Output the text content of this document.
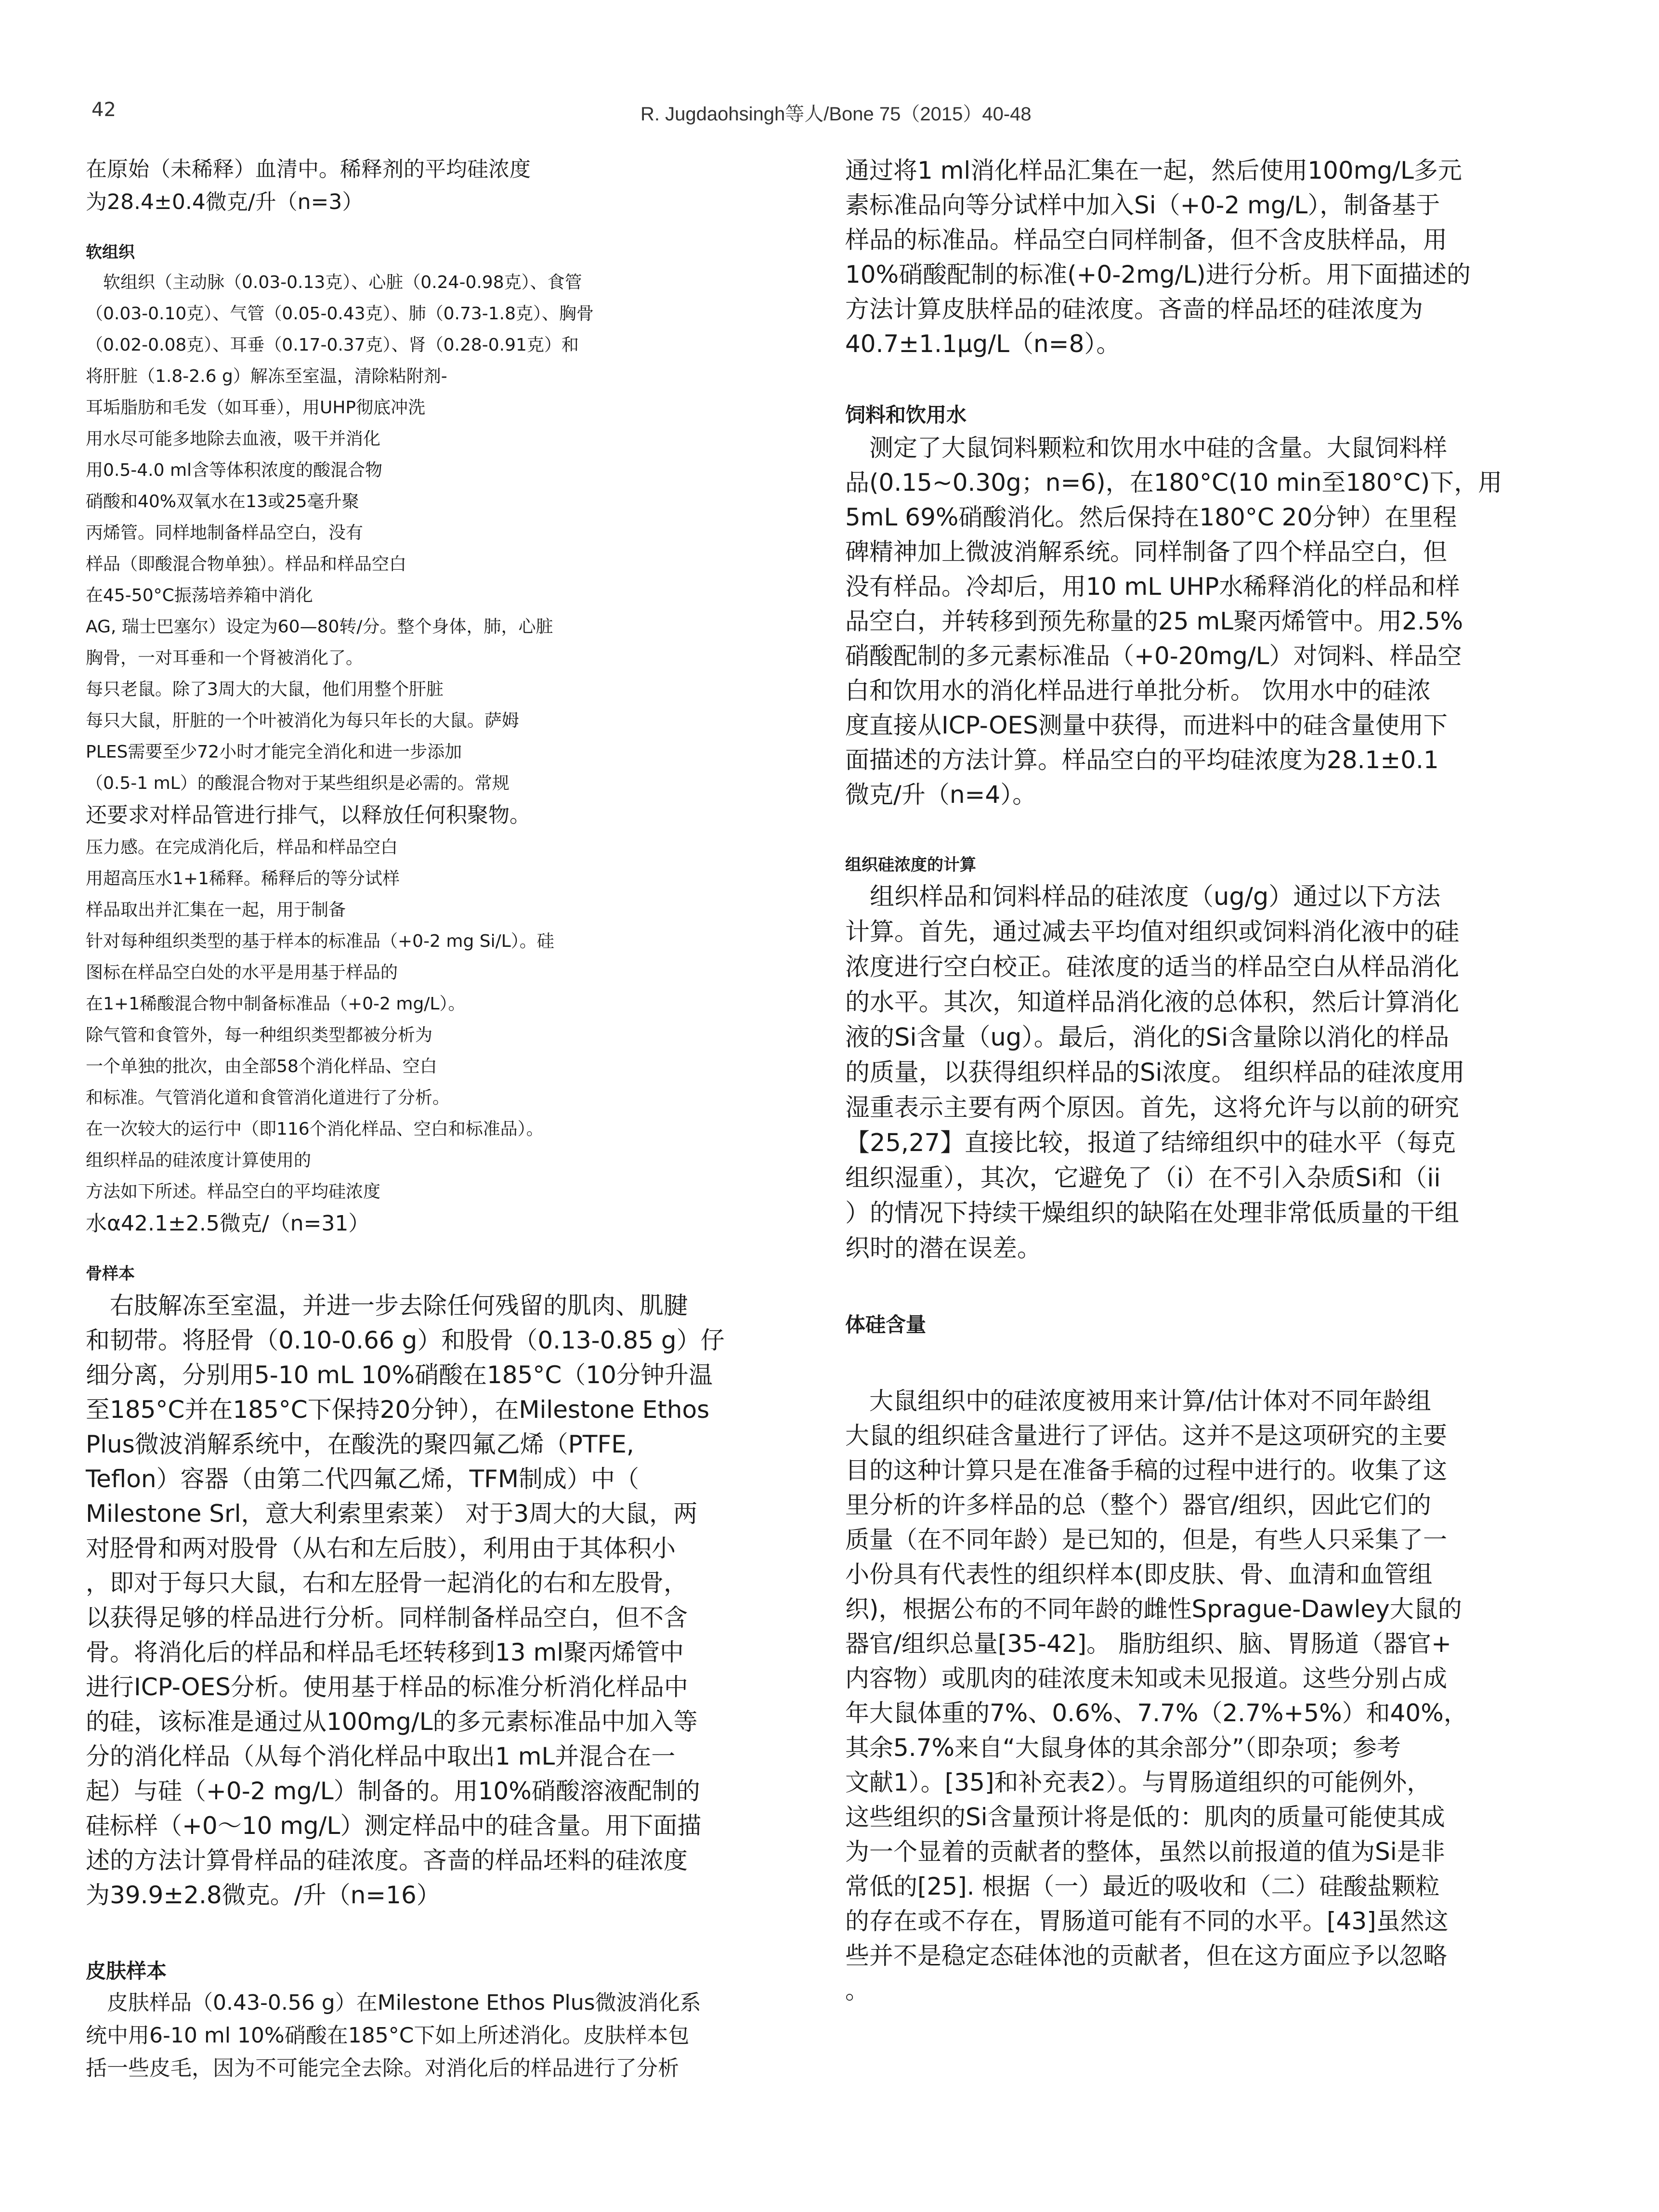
42	R. Jugdaohsingh等人/Bone 75（2015）40-48

在原始（未稀释）血清中。稀释剂的平均硅浓度

为28.4±0.4微克/升（n=3）

软组织

　软组织（主动脉（0.03-0.13克）、心脏（0.24-0.98克）、食管

（0.03-0.10克）、气管（0.05-0.43克）、肺（0.73-1.8克）、胸骨

（0.02-0.08克）、耳垂（0.17-0.37克）、肾（0.28-0.91克）和

将肝脏（1.8-2.6 g）解冻至室温，清除粘附剂-

耳垢脂肪和毛发（如耳垂），用UHP彻底冲洗

用水尽可能多地除去血液，吸干并消化

用0.5-4.0 ml含等体积浓度的酸混合物

硝酸和40%双氧水在13或25毫升聚

丙烯管。同样地制备样品空白，没有

样品（即酸混合物单独）。样品和样品空白

在45-50°C振荡培养箱中消化

AG, 瑞士巴塞尔）设定为60—80转/分。整个身体，肺，心脏

胸骨，一对耳垂和一个肾被消化了。

每只老鼠。除了3周大的大鼠，他们用整个肝脏

每只大鼠，肝脏的一个叶被消化为每只年长的大鼠。萨姆

PLES需要至少72小时才能完全消化和进一步添加

（0.5-1 mL）的酸混合物对于某些组织是必需的。常规

还要求对样品管进行排气，以释放任何积聚物。

压力感。在完成消化后，样品和样品空白

用超高压水1+1稀释。稀释后的等分试样

样品取出并汇集在一起，用于制备

针对每种组织类型的基于样本的标准品（+0-2 mg Si/L）。硅

图标在样品空白处的水平是用基于样品的

在1+1稀酸混合物中制备标准品（+0-2 mg/L）。

除气管和食管外，每一种组织类型都被分析为

一个单独的批次，由全部58个消化样品、空白

和标准。气管消化道和食管消化道进行了分析。

在一次较大的运行中（即116个消化样品、空白和标准品）。

组织样品的硅浓度计算使用的

方法如下所述。样品空白的平均硅浓度

水α42.1±2.5微克/（n=31）

骨样本

　右肢解冻至室温，并进一步去除任何残留的肌肉、肌腱

和韧带。将胫骨（0.10-0.66 g）和股骨（0.13-0.85 g）仔

细分离，分别用5-10 mL 10%硝酸在185°C（10分钟升温

至185°C并在185°C下保持20分钟），在Milestone Ethos

Plus微波消解系统中，在酸洗的聚四氟乙烯（PTFE,

Teflon）容器（由第二代四氟乙烯，TFM制成）中（

Milestone Srl，意大利索里索莱） 对于3周大的大鼠，两

对胫骨和两对股骨（从右和左后肢），利用由于其体积小

，即对于每只大鼠，右和左胫骨一起消化的右和左股骨，

以获得足够的样品进行分析。同样制备样品空白，但不含

骨。将消化后的样品和样品毛坯转移到13 ml聚丙烯管中

进行ICP-OES分析。使用基于样品的标准分析消化样品中

的硅，该标准是通过从100mg/L的多元素标准品中加入等

分的消化样品（从每个消化样品中取出1 mL并混合在一

起）与硅（+0-2 mg/L）制备的。用10%硝酸溶液配制的

硅标样（+0～10 mg/L）测定样品中的硅含量。用下面描

述的方法计算骨样品的硅浓度。吝啬的样品坯料的硅浓度

为39.9±2.8微克。/升（n=16）

皮肤样本

　皮肤样品（0.43-0.56 g）在Milestone Ethos Plus微波消化系

统中用6-10 ml 10%硝酸在185°C下如上所述消化。皮肤样本包

括一些皮毛，因为不可能完全去除。对消化后的样品进行了分析

通过将1 ml消化样品汇集在一起，然后使用100mg/L多元

素标准品向等分试样中加入Si（+0-2 mg/L），制备基于

样品的标准品。样品空白同样制备，但不含皮肤样品，用

10%硝酸配制的标准(+0-2mg/L)进行分析。用下面描述的

方法计算皮肤样品的硅浓度。吝啬的样品坯的硅浓度为

40.7±1.1μg/L（n=8）。

饲料和饮用水

　测定了大鼠饲料颗粒和饮用水中硅的含量。大鼠饲料样

品(0.15~0.30g；n=6)，在180°C(10 min至180°C)下，用

5mL 69%硝酸消化。然后保持在180°C 20分钟）在里程

碑精神加上微波消解系统。同样制备了四个样品空白，但

没有样品。冷却后，用10 mL UHP水稀释消化的样品和样

品空白，并转移到预先称量的25 mL聚丙烯管中。用2.5%

硝酸配制的多元素标准品（+0-20mg/L）对饲料、样品空

白和饮用水的消化样品进行单批分析。 饮用水中的硅浓

度直接从ICP-OES测量中获得，而进料中的硅含量使用下

面描述的方法计算。样品空白的平均硅浓度为28.1±0.1

微克/升（n=4）。

组织硅浓度的计算

　组织样品和饲料样品的硅浓度（ug/g）通过以下方法

计算。首先，通过减去平均值对组织或饲料消化液中的硅

浓度进行空白校正。硅浓度的适当的样品空白从样品消化

的水平。其次，知道样品消化液的总体积，然后计算消化

液的Si含量（ug）。最后，消化的Si含量除以消化的样品

的质量，以获得组织样品的Si浓度。 组织样品的硅浓度用

湿重表示主要有两个原因。首先，这将允许与以前的研究

【25,27】直接比较，报道了结缔组织中的硅水平（每克

组织湿重），其次，它避免了（i）在不引入杂质Si和（ii

）的情况下持续干燥组织的缺陷在处理非常低质量的干组

织时的潜在误差。

体硅含量

　大鼠组织中的硅浓度被用来计算/估计体对不同年龄组

大鼠的组织硅含量进行了评估。这并不是这项研究的主要

目的这种计算只是在准备手稿的过程中进行的。收集了这

里分析的许多样品的总（整个）器官/组织，因此它们的

质量（在不同年龄）是已知的，但是，有些人只采集了一

小份具有代表性的组织样本(即皮肤、骨、血清和血管组

织)，根据公布的不同年龄的雌性Sprague-Dawley大鼠的

器官/组织总量[35-42]。 脂肪组织、脑、胃肠道（器官+

内容物）或肌肉的硅浓度未知或未见报道。这些分别占成

年大鼠体重的7%、0.6%、7.7%（2.7%+5%）和40%，

其余5.7%来自“大鼠身体的其余部分”（即杂项；参考

文献1）。[35]和补充表2）。与胃肠道组织的可能例外，

这些组织的Si含量预计将是低的：肌肉的质量可能使其成

为一个显着的贡献者的整体，虽然以前报道的值为Si是非

常低的[25]. 根据（一）最近的吸收和（二）硅酸盐颗粒

的存在或不存在，胃肠道可能有不同的水平。[43]虽然这

些并不是稳定态硅体池的贡献者，但在这方面应予以忽略

。
